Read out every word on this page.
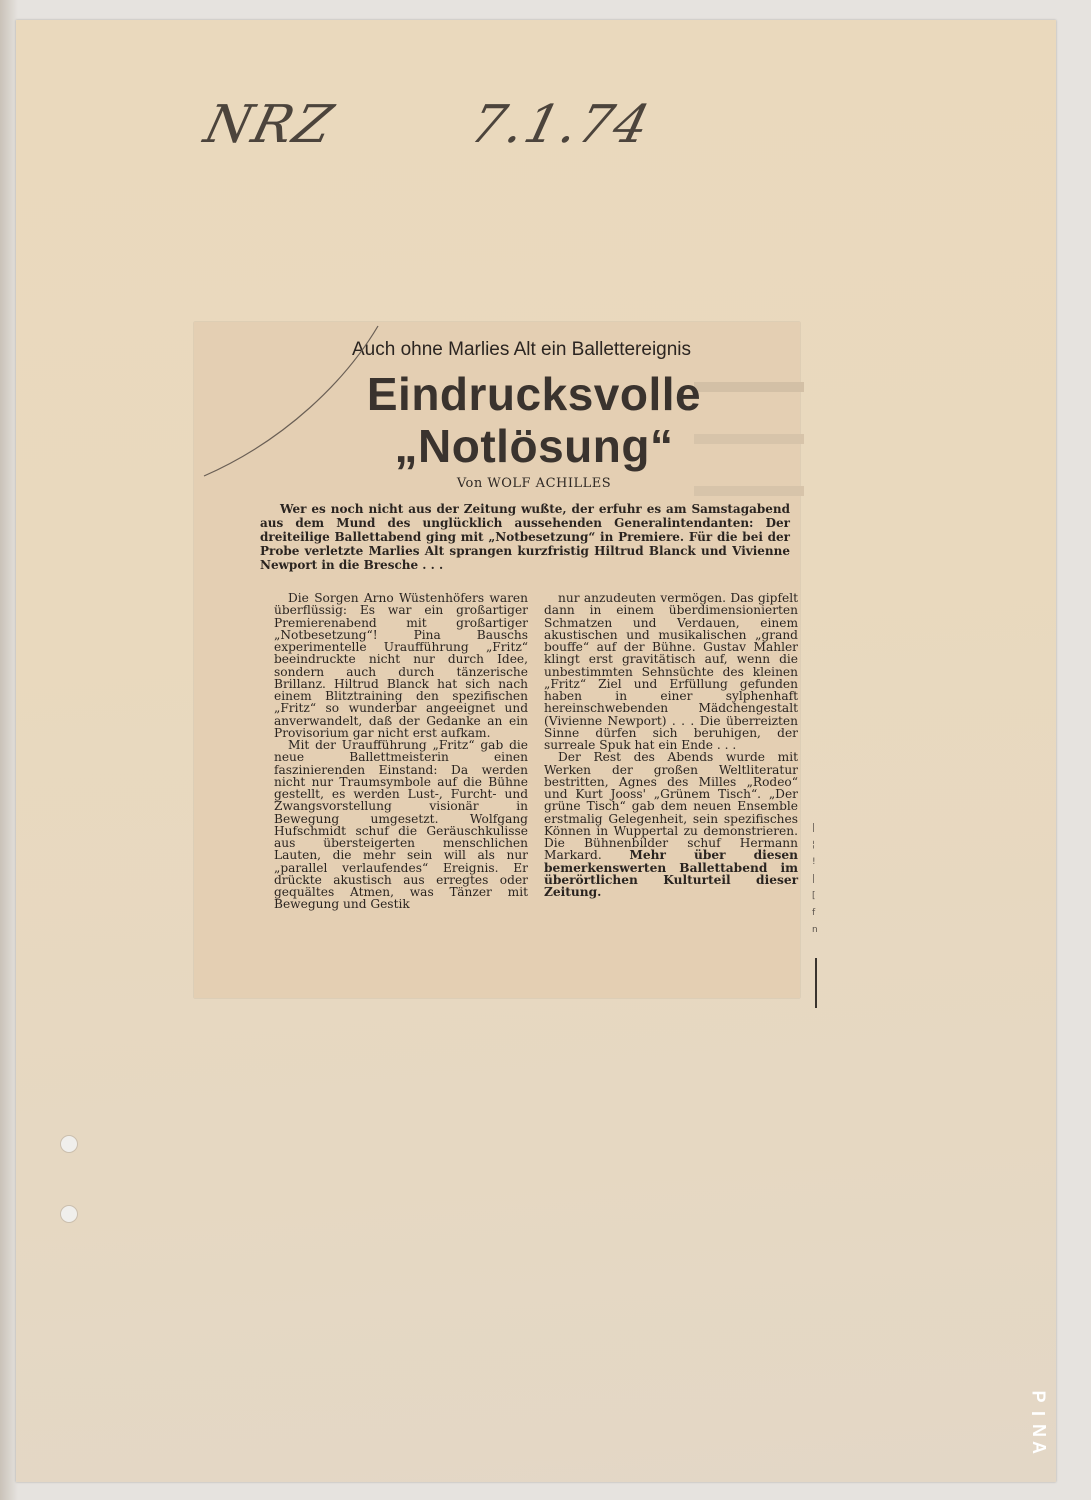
NRZ 7.1.74
Auch ohne Marlies Alt ein Ballettereignis
Eindrucksvolle
„Notlösung“
Von WOLF ACHILLES
Wer es noch nicht aus der Zeitung wußte, der erfuhr es am Samstagabend aus dem Mund des unglücklich aussehenden Generalintendanten: Der dreiteilige Ballettabend ging mit „Notbesetzung“ in Premiere. Für die bei der Probe verletzte Marlies Alt sprangen kurzfristig Hiltrud Blanck und Vivienne Newport in die Bresche . . .

Die Sorgen Arno Wüstenhöfers waren überflüssig: Es war ein großartiger Premierenabend mit großartiger „Notbesetzung“! Pina Bauschs experimentelle Uraufführung „Fritz“ beeindruckte nicht nur durch Idee, sondern auch durch tänzerische Brillanz. Hiltrud Blanck hat sich nach einem Blitztraining den spezifischen „Fritz“ so wunderbar angeeignet und anverwandelt, daß der Gedanke an ein Provisorium gar nicht erst aufkam.

Mit der Uraufführung „Fritz“ gab die neue Ballettmeisterin einen faszinierenden Einstand: Da werden nicht nur Traumsymbole auf die Bühne gestellt, es werden Lust-, Furcht- und Zwangsvorstellung visionär in Bewegung umgesetzt. Wolfgang Hufschmidt schuf die Geräuschkulisse aus übersteigerten menschlichen Lauten, die mehr sein will als nur „parallel verlaufendes“ Ereignis. Er drückte akustisch aus erregtes oder gequältes Atmen, was Tänzer mit Bewegung und Gestik

nur anzudeuten vermögen. Das gipfelt dann in einem überdimensionierten Schmatzen und Verdauen, einem akustischen und musikalischen „grand bouffe“ auf der Bühne. Gustav Mahler klingt erst gravitätisch auf, wenn die unbestimmten Sehnsüchte des kleinen „Fritz“ Ziel und Erfüllung gefunden haben in einer sylphenhaft hereinschwebenden Mädchengestalt (Vivienne Newport) . . . Die überreizten Sinne dürfen sich beruhigen, der surreale Spuk hat ein Ende . . .

Der Rest des Abends wurde mit Werken der großen Weltliteratur bestritten, Agnes des Milles „Rodeo“ und Kurt Jooss' „Grünem Tisch“. „Der grüne Tisch“ gab dem neuen Ensemble erstmalig Gelegenheit, sein spezifisches Können in Wuppertal zu demonstrieren. Die Bühnenbilder schuf Hermann Markard. Mehr über diesen bemerkenswerten Ballettabend im überörtlichen Kulturteil dieser Zeitung.

|
¦
!
|
[
f
n
P
I
N
A
